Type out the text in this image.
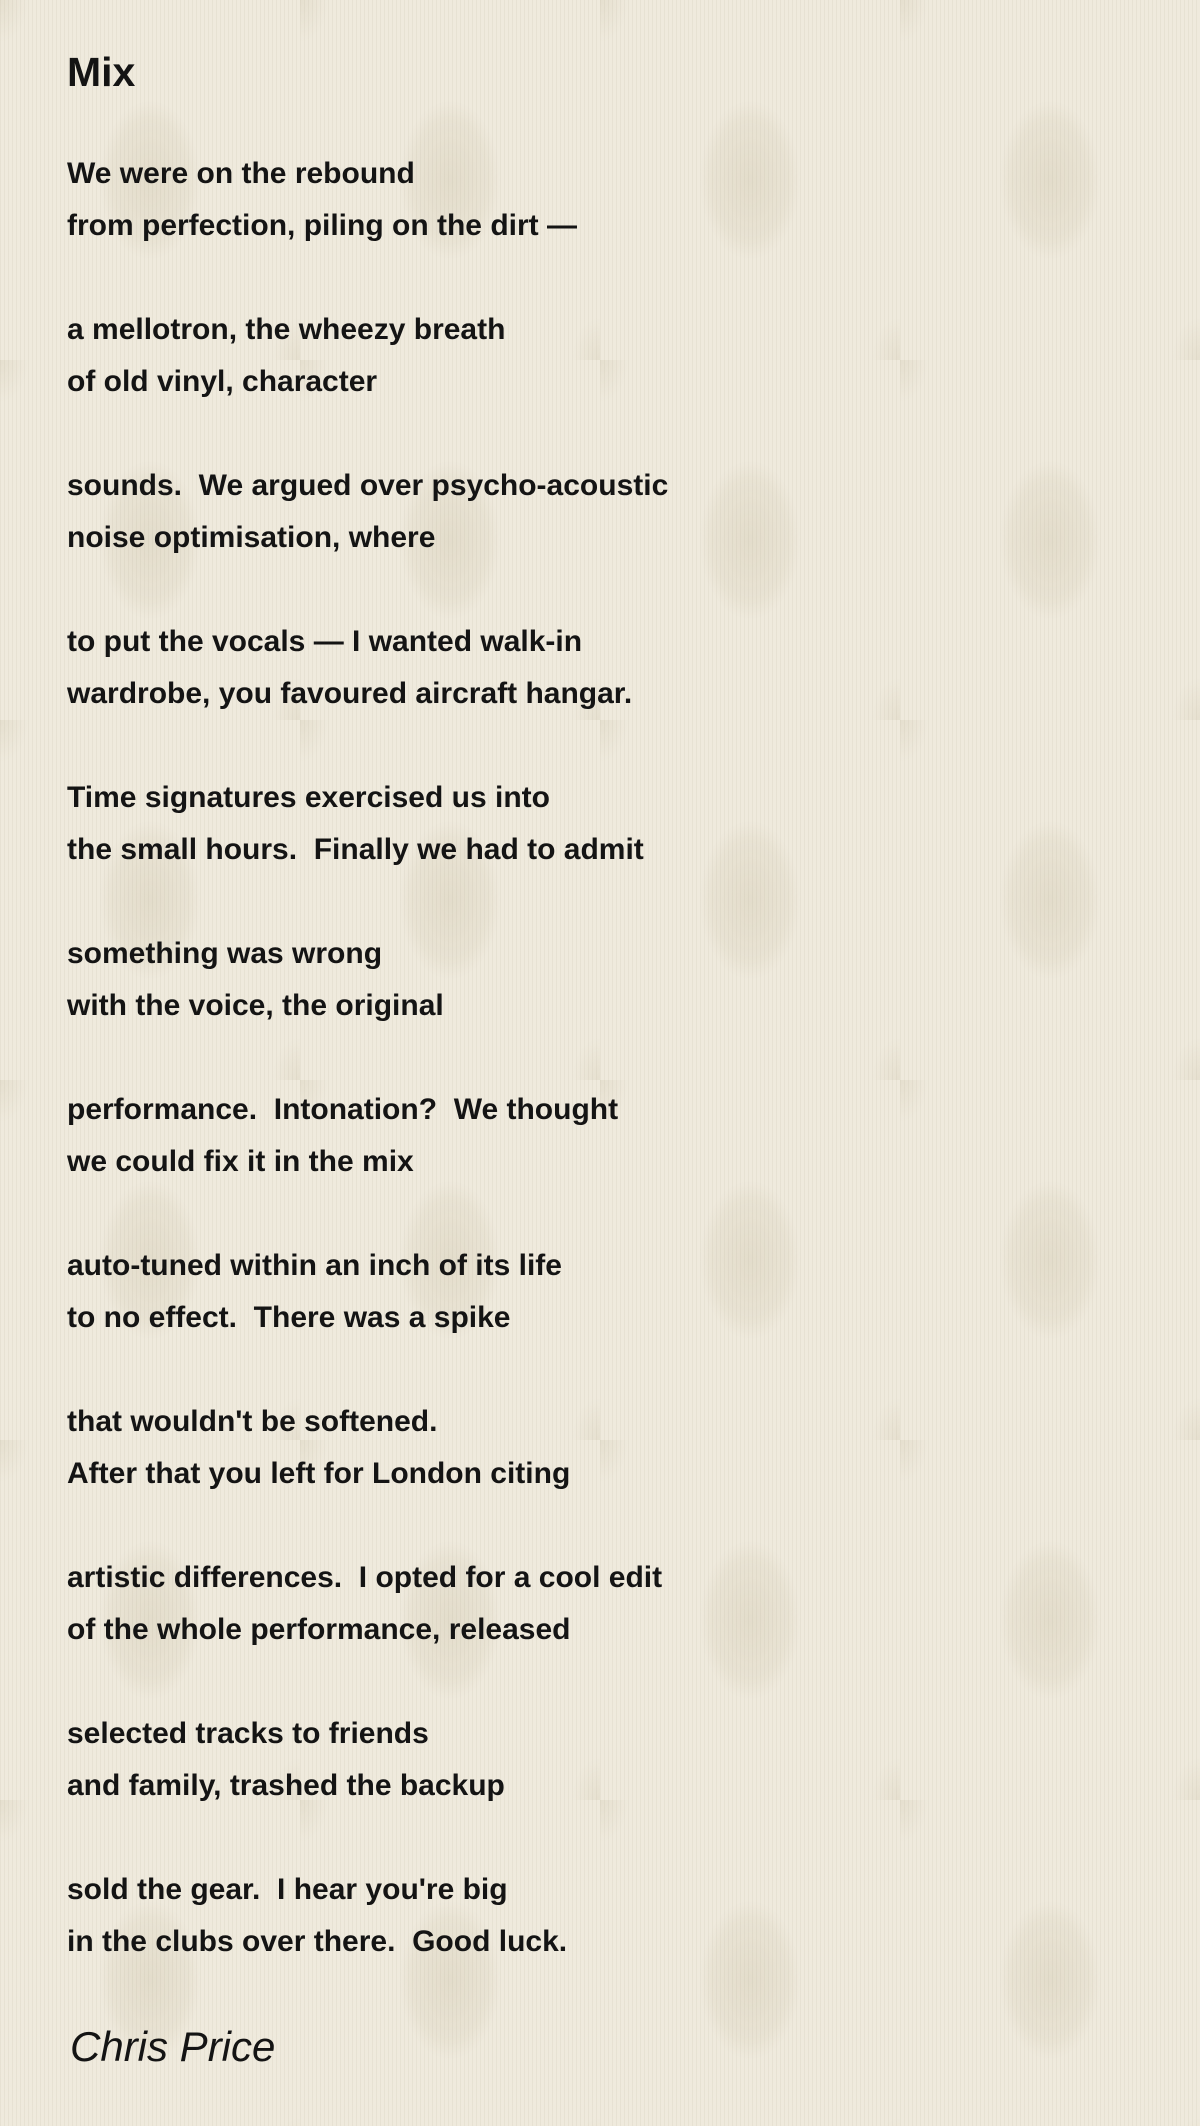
Mix
We were on the rebound
from perfection, piling on the dirt —
a mellotron, the wheezy breath
of old vinyl, character
sounds.  We argued over psycho-acoustic
noise optimisation, where
to put the vocals — I wanted walk-in
wardrobe, you favoured aircraft hangar.
Time signatures exercised us into
the small hours.  Finally we had to admit
something was wrong
with the voice, the original
performance.  Intonation?  We thought
we could fix it in the mix
auto-tuned within an inch of its life
to no effect.  There was a spike
that wouldn't be softened.
After that you left for London citing
artistic differences.  I opted for a cool edit
of the whole performance, released
selected tracks to friends
and family, trashed the backup
sold the gear.  I hear you're big
in the clubs over there.  Good luck.
Chris Price
